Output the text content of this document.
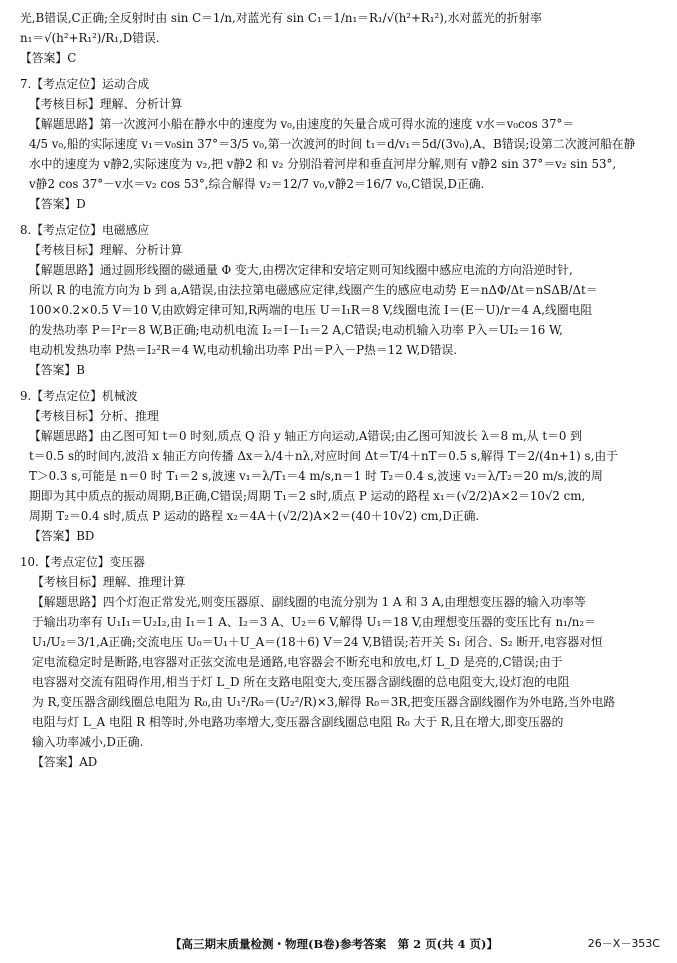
光,B错误,C正确;全反射时由 sin C＝1/n,对蓝光有 sin C₁＝1/n₁＝R₁/√(h²+R₁²),水对蓝光的折射率
n₁＝√(h²+R₁²)/R₁,D错误.
【答案】C
7.【考点定位】运动合成
【考核目标】理解、分析计算
【解题思路】第一次渡河小船在静水中的速度为 v₀,由速度的矢量合成可得水流的速度 v水＝v₀cos 37°＝
4/5 v₀,船的实际速度 v₁＝v₀sin 37°＝3/5 v₀,第一次渡河的时间 t₁＝d/v₁＝5d/(3v₀),A、B错误;设第二次渡河船在静
水中的速度为 v静2,实际速度为 v₂,把 v静2 和 v₂ 分别沿着河岸和垂直河岸分解,则有 v静2 sin 37°＝v₂ sin 53°,
v静2 cos 37°－v水＝v₂ cos 53°,综合解得 v₂＝12/7 v₀,v静2＝16/7 v₀,C错误,D正确.
【答案】D
8.【考点定位】电磁感应
【考核目标】理解、分析计算
【解题思路】通过圆形线圈的磁通量 Φ 变大,由楞次定律和安培定则可知线圈中感应电流的方向沿逆时针,
所以 R 的电流方向为 b 到 a,A错误,由法拉第电磁感应定律,线圈产生的感应电动势 E＝nΔΦ/Δt＝nSΔB/Δt＝
100×0.2×0.5 V＝10 V,由欧姆定律可知,R两端的电压 U＝I₁R＝8 V,线圈电流 I＝(E－U)/r＝4 A,线圈电阻
的发热功率 P＝I²r＝8 W,B正确;电动机电流 I₂＝I－I₁＝2 A,C错误;电动机输入功率 P入＝UI₂＝16 W,
电动机发热功率 P热＝I₂²R＝4 W,电动机输出功率 P出＝P入－P热＝12 W,D错误.
【答案】B
9.【考点定位】机械波
【考核目标】分析、推理
【解题思路】由乙图可知 t＝0 时刻,质点 Q 沿 y 轴正方向运动,A错误;由乙图可知波长 λ＝8 m,从 t＝0 到
t＝0.5 s的时间内,波沿 x 轴正方向传播 Δx＝λ/4＋nλ,对应时间 Δt＝T/4＋nT＝0.5 s,解得 T＝2/(4n+1) s,由于
T＞0.3 s,可能是 n＝0 时 T₁＝2 s,波速 v₁＝λ/T₁＝4 m/s,n＝1 时 T₂＝0.4 s,波速 v₂＝λ/T₂＝20 m/s,波的周
期即为其中质点的振动周期,B正确,C错误;周期 T₁＝2 s时,质点 P 运动的路程 x₁＝(√2/2)A×2＝10√2 cm,
周期 T₂＝0.4 s时,质点 P 运动的路程 x₂＝4A＋(√2/2)A×2＝(40＋10√2) cm,D正确.
【答案】BD
10.【考点定位】变压器
【考核目标】理解、推理计算
【解题思路】四个灯泡正常发光,则变压器原、副线圈的电流分别为 1 A 和 3 A,由理想变压器的输入功率等
于输出功率有 U₁I₁＝U₂I₂,由 I₁＝1 A、I₂＝3 A、U₂＝6 V,解得 U₁＝18 V,由理想变压器的变压比有 n₁/n₂＝
U₁/U₂＝3/1,A正确;交流电压 U₀＝U₁＋U_A＝(18＋6) V＝24 V,B错误;若开关 S₁ 闭合、S₂ 断开,电容器对恒
定电流稳定时是断路,电容器对正弦交流电是通路,电容器会不断充电和放电,灯 L_D 是亮的,C错误;由于
电容器对交流有阻碍作用,相当于灯 L_D 所在支路电阻变大,变压器含副线圈的总电阻变大,设灯泡的电阻
为 R,变压器含副线圈总电阻为 R₀,由 U₁²/R₀＝(U₂²/R)×3,解得 R₀＝3R,把变压器含副线圈作为外电路,当外电路
电阻与灯 L_A 电阻 R 相等时,外电路功率增大,变压器含副线圈总电阻 R₀ 大于 R,且在增大,即变压器的
输入功率减小,D正确.
【答案】AD
【高三期末质量检测・物理(B卷)参考答案　第 2 页(共 4 页)】	26－X－353C
